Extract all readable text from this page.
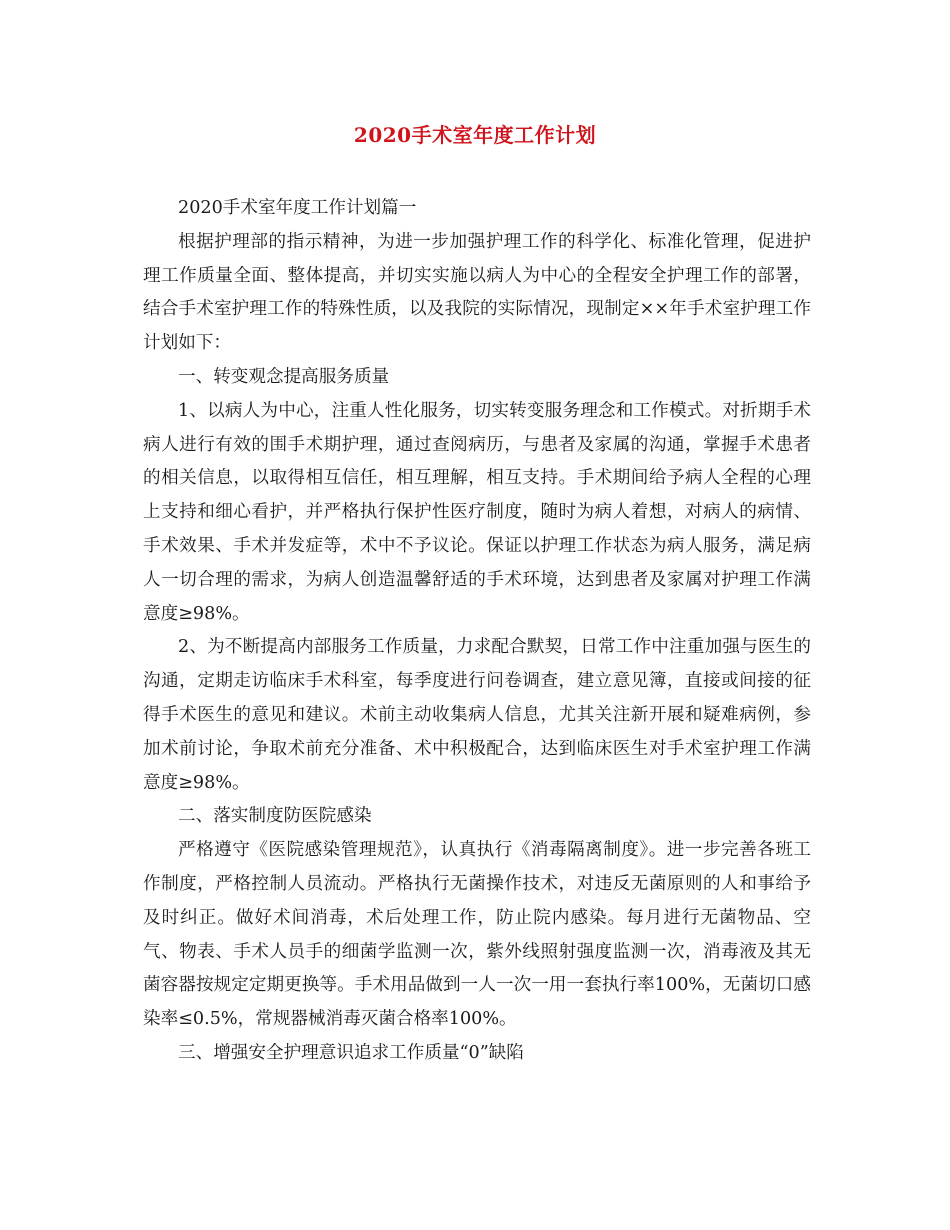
2020手术室年度工作计划

2020手术室年度工作计划篇一

根据护理部的指示精神，为进一步加强护理工作的科学化、标准化管理，促进护理工作质量全面、整体提高，并切实实施以病人为中心的全程安全护理工作的部署，结合手术室护理工作的特殊性质，以及我院的实际情况，现制定××年手术室护理工作计划如下：

一、转变观念提高服务质量

1、以病人为中心，注重人性化服务，切实转变服务理念和工作模式。对折期手术病人进行有效的围手术期护理，通过查阅病历，与患者及家属的沟通，掌握手术患者的相关信息，以取得相互信任，相互理解，相互支持。手术期间给予病人全程的心理上支持和细心看护，并严格执行保护性医疗制度，随时为病人着想，对病人的病情、手术效果、手术并发症等，术中不予议论。保证以护理工作状态为病人服务，满足病人一切合理的需求，为病人创造温馨舒适的手术环境，达到患者及家属对护理工作满意度≥98%。

2、为不断提高内部服务工作质量，力求配合默契，日常工作中注重加强与医生的沟通，定期走访临床手术科室，每季度进行问卷调查，建立意见簿，直接或间接的征得手术医生的意见和建议。术前主动收集病人信息，尤其关注新开展和疑难病例，参加术前讨论，争取术前充分准备、术中积极配合，达到临床医生对手术室护理工作满意度≥98%。

二、落实制度防医院感染

严格遵守《医院感染管理规范》，认真执行《消毒隔离制度》。进一步完善各班工作制度，严格控制人员流动。严格执行无菌操作技术，对违反无菌原则的人和事给予及时纠正。做好术间消毒，术后处理工作，防止院内感染。每月进行无菌物品、空气、物表、手术人员手的细菌学监测一次，紫外线照射强度监测一次，消毒液及其无菌容器按规定定期更换等。手术用品做到一人一次一用一套执行率100%，无菌切口感染率≤0.5%，常规器械消毒灭菌合格率100%。

三、增强安全护理意识追求工作质量“0”缺陷
